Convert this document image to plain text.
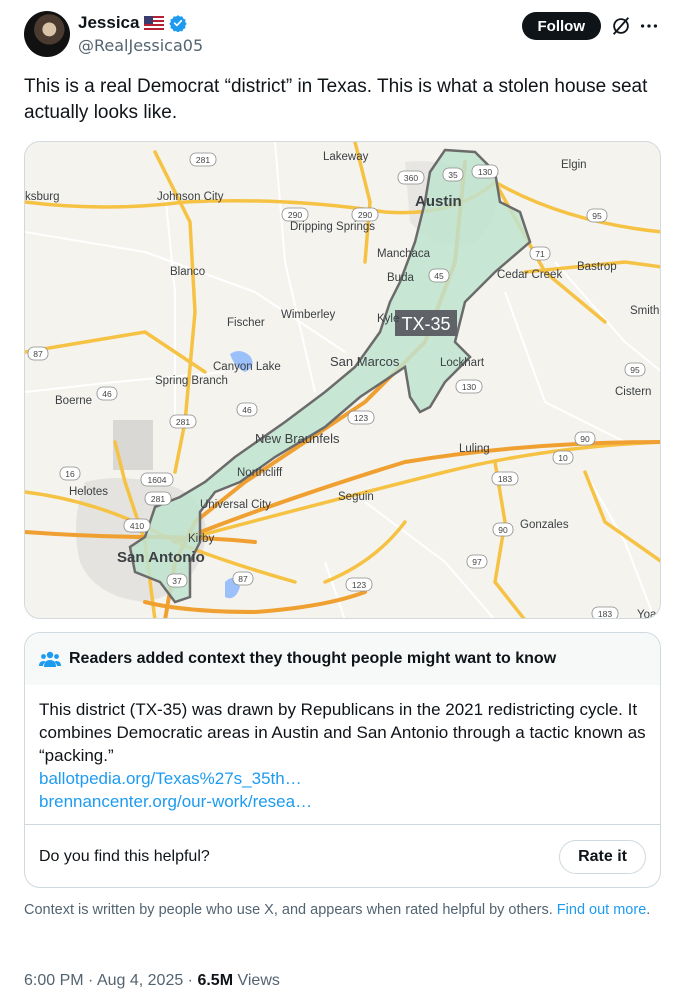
Jessica
@RealJessica05
Follow
This is a real Democrat “district” in Texas. This is what a stolen house seat actually looks like.
TX-35
Lakeway
Elgin
ksburg	Johnson City	Austin
Dripping Springs
Manchaca
Buda	Cedar Creek
Bastrop
Blanco
Wimberley	Kyle
Smith
Fischer
Canyon Lake	San Marcos	Lockhart
Spring Branch
Cistern
Boerne
New Braunfels
Luling
Northcliff
Helotes
Universal City
Seguin
Gonzales
Kirby
San Antonio
Yoa
281
290
360	35 130
71
95
290
45
87
46
130
95
46
281	123
90
10
16
1604
281
410
183
90
37	87
123
97
183
Readers added context they thought people might want to know
This district (TX-35) was drawn by Republicans in the 2021 redistricting cycle. It combines Democratic areas in Austin and San Antonio through a tactic known as “packing.”
ballotpedia.org/Texas%27s_35th…
brennancenter.org/our-work/resea…
Do you find this helpful?	Rate it
Context is written by people who use X, and appears when rated helpful by others. Find out more.
6:00 PM · Aug 4, 2025 · 6.5M Views
